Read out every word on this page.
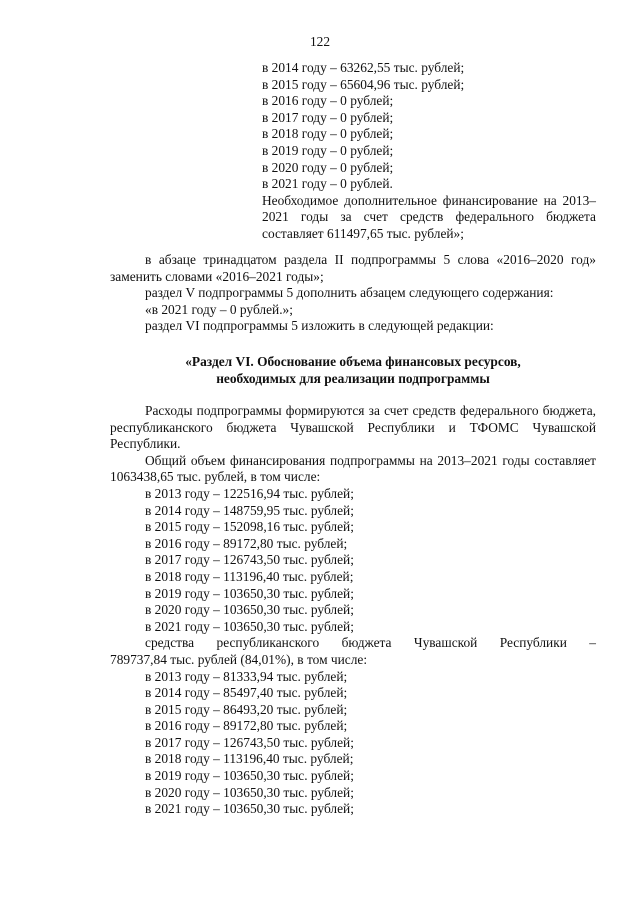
122
в 2014 году – 63262,55 тыс. рублей;
в 2015 году – 65604,96 тыс. рублей;
в 2016 году – 0 рублей;
в 2017 году – 0 рублей;
в 2018 году – 0 рублей;
в 2019 году – 0 рублей;
в 2020 году – 0 рублей;
в 2021 году – 0 рублей.
Необходимое дополнительное финансирование на 2013–2021 годы за счет средств федерального бюджета составляет 611497,65 тыс. рублей»;

в абзаце тринадцатом раздела II подпрограммы 5 слова «2016–2020 год» заменить словами «2016–2021 годы»;

раздел V подпрограммы 5 дополнить абзацем следующего содержания:
«в 2021 году – 0 рублей.»;
раздел VI подпрограммы 5 изложить в следующей редакции:
«Раздел VI. Обоснование объема финансовых ресурсов,
необходимых для реализации подпрограммы

Расходы подпрограммы формируются за счет средств федерального бюджета, республиканского бюджета Чувашской Республики и ТФОМС Чувашской Республики.

Общий объем финансирования подпрограммы на 2013–2021 годы составляет 1063438,65 тыс. рублей, в том числе:

в 2013 году – 122516,94 тыс. рублей;
в 2014 году – 148759,95 тыс. рублей;
в 2015 году – 152098,16 тыс. рублей;
в 2016 году – 89172,80 тыс. рублей;
в 2017 году – 126743,50 тыс. рублей;
в 2018 году – 113196,40 тыс. рублей;
в 2019 году – 103650,30 тыс. рублей;
в 2020 году – 103650,30 тыс. рублей;
в 2021 году – 103650,30 тыс. рублей;
средства республиканского бюджета Чувашской Республики –
789737,84 тыс. рублей (84,01%), в том числе:
в 2013 году – 81333,94 тыс. рублей;
в 2014 году – 85497,40 тыс. рублей;
в 2015 году – 86493,20 тыс. рублей;
в 2016 году – 89172,80 тыс. рублей;
в 2017 году – 126743,50 тыс. рублей;
в 2018 году – 113196,40 тыс. рублей;
в 2019 году – 103650,30 тыс. рублей;
в 2020 году – 103650,30 тыс. рублей;
в 2021 году – 103650,30 тыс. рублей;
